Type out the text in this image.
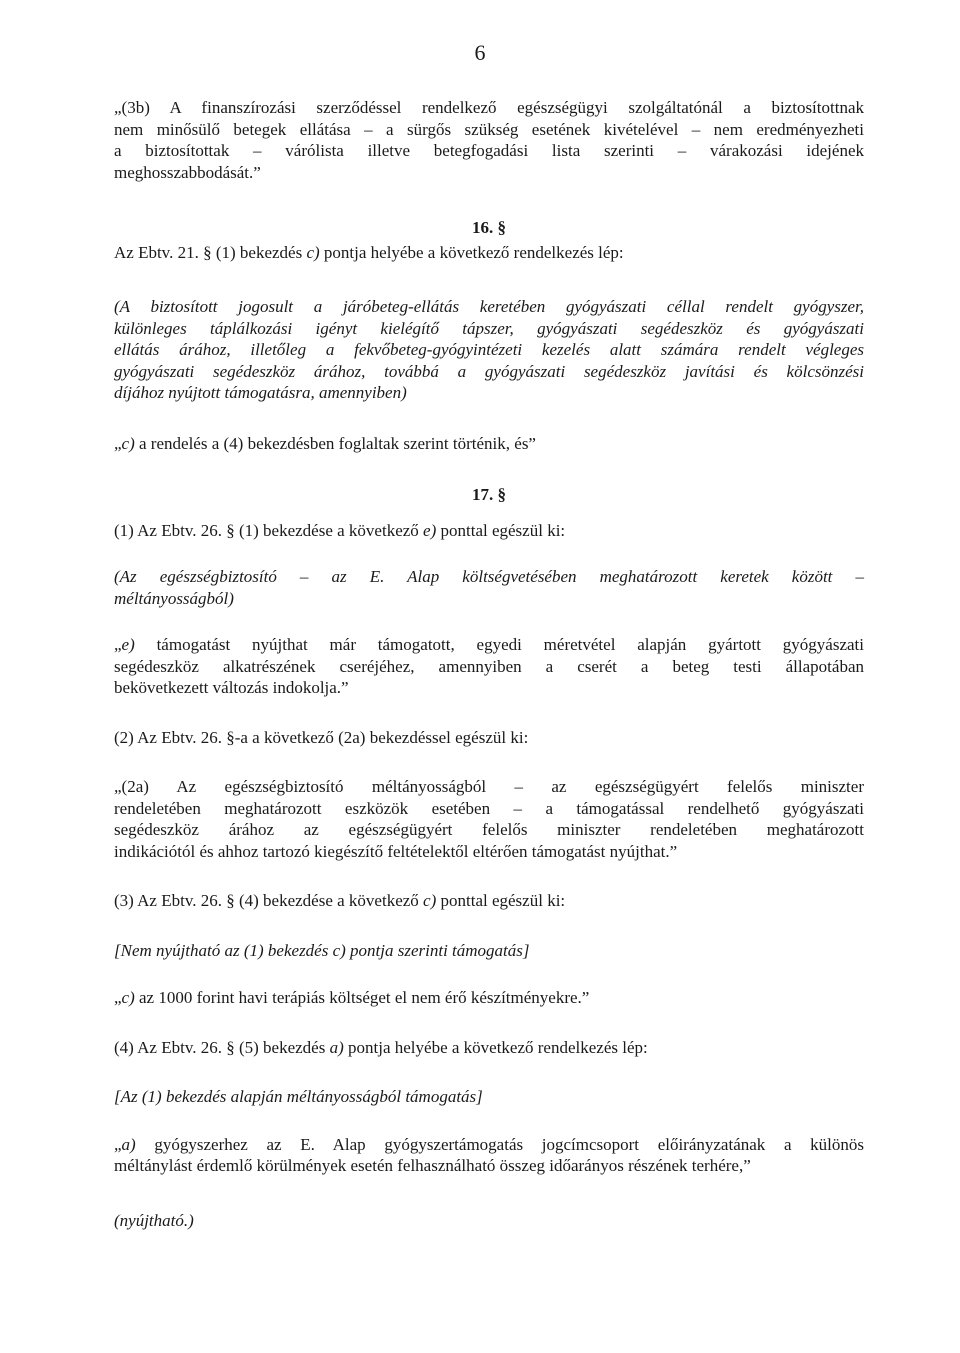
6

„(3b) A finanszírozási szerződéssel rendelkező egészségügyi szolgáltatónál a biztosítottnak

nem minősülő betegek ellátása – a sürgős szükség esetének kivételével – nem eredményezheti

a biztosítottak – várólista illetve betegfogadási lista szerinti – várakozási idejének

meghosszabbodását.”

16. §

Az Ebtv. 21. § (1) bekezdés c) pontja helyébe a következő rendelkezés lép:

(A biztosított jogosult a járóbeteg-ellátás keretében gyógyászati céllal rendelt gyógyszer,

különleges táplálkozási igényt kielégítő tápszer, gyógyászati segédeszköz és gyógyászati

ellátás árához, illetőleg a fekvőbeteg-gyógyintézeti kezelés alatt számára rendelt végleges

gyógyászati segédeszköz árához, továbbá a gyógyászati segédeszköz javítási és kölcsönzési

díjához nyújtott támogatásra, amennyiben)

„c) a rendelés a (4) bekezdésben foglaltak szerint történik, és”

17. §

(1) Az Ebtv. 26. § (1) bekezdése a következő e) ponttal egészül ki:

(Az egészségbiztosító – az E. Alap költségvetésében meghatározott keretek között –

méltányosságból)

„e) támogatást nyújthat már támogatott, egyedi méretvétel alapján gyártott gyógyászati

segédeszköz alkatrészének cseréjéhez, amennyiben a cserét a beteg testi állapotában

bekövetkezett változás indokolja.”

(2) Az Ebtv. 26. §-a a következő (2a) bekezdéssel egészül ki:

„(2a) Az egészségbiztosító méltányosságból – az egészségügyért felelős miniszter

rendeletében meghatározott eszközök esetében – a támogatással rendelhető gyógyászati

segédeszköz árához az egészségügyért felelős miniszter rendeletében meghatározott

indikációtól és ahhoz tartozó kiegészítő feltételektől eltérően támogatást nyújthat.”

(3) Az Ebtv. 26. § (4) bekezdése a következő c) ponttal egészül ki:

[Nem nyújtható az (1) bekezdés c) pontja szerinti támogatás]

„c) az 1000 forint havi terápiás költséget el nem érő készítményekre.”

(4) Az Ebtv. 26. § (5) bekezdés a) pontja helyébe a következő rendelkezés lép:

[Az (1) bekezdés alapján méltányosságból támogatás]

„a) gyógyszerhez az E. Alap gyógyszertámogatás jogcímcsoport előirányzatának a különös

méltánylást érdemlő körülmények esetén felhasználható összeg időarányos részének terhére,”

(nyújtható.)
